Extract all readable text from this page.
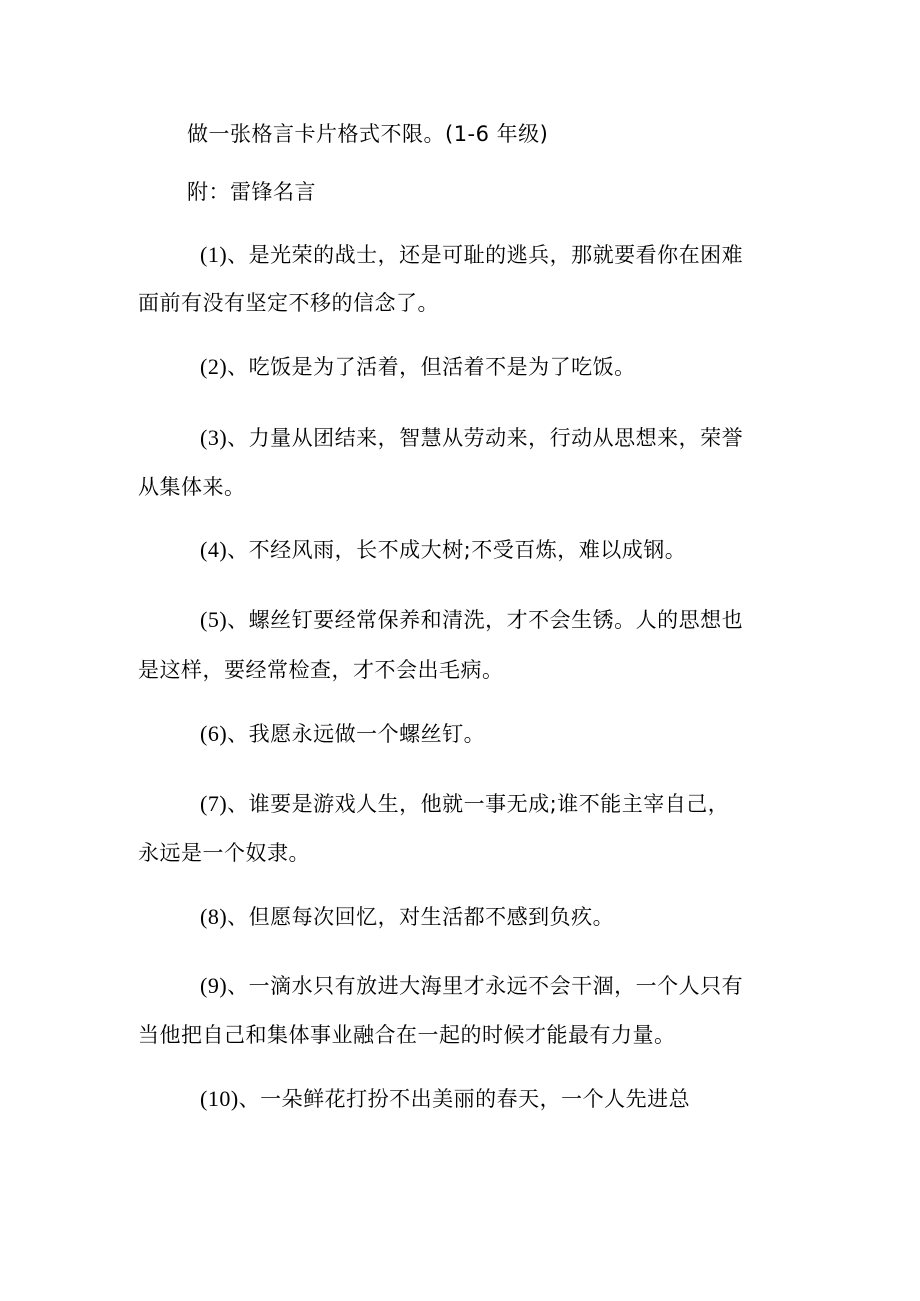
做一张格言卡片格式不限。(1-6 年级)
附：雷锋名言
(1)、是光荣的战士，还是可耻的逃兵，那就要看你在困难
面前有没有坚定不移的信念了。
(2)、吃饭是为了活着，但活着不是为了吃饭。
(3)、力量从团结来，智慧从劳动来，行动从思想来，荣誉
从集体来。
(4)、不经风雨，长不成大树;不受百炼，难以成钢。
(5)、螺丝钉要经常保养和清洗，才不会生锈。人的思想也
是这样，要经常检查，才不会出毛病。
(6)、我愿永远做一个螺丝钉。
(7)、谁要是游戏人生，他就一事无成;谁不能主宰自己，
永远是一个奴隶。
(8)、但愿每次回忆，对生活都不感到负疚。
(9)、一滴水只有放进大海里才永远不会干涸，一个人只有
当他把自己和集体事业融合在一起的时候才能最有力量。
(10)、一朵鲜花打扮不出美丽的春天，一个人先进总
